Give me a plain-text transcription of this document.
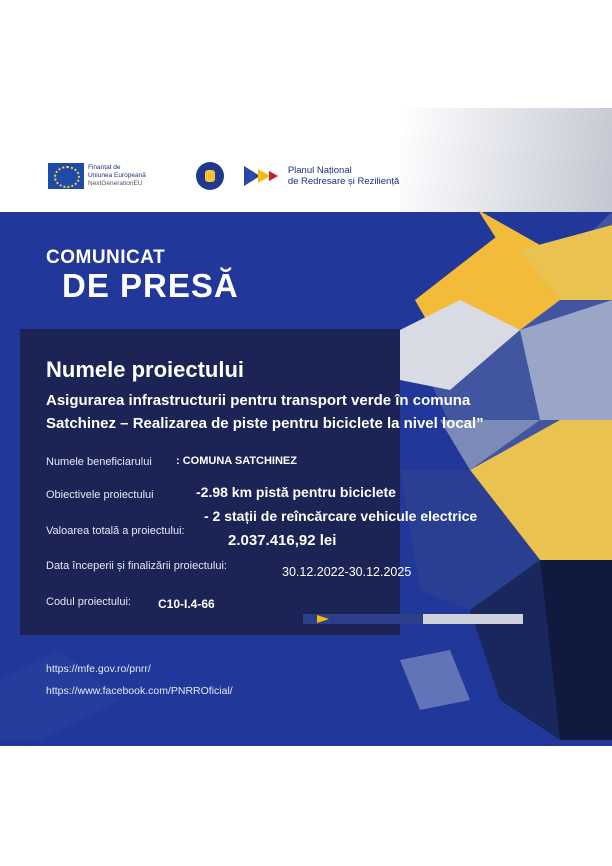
Finanțat de
Uniunea Europeană
NextGenerationEU
Planul Național
de Redresare și Reziliență
COMUNICAT
DE PRESĂ
Numele proiectului
Asigurarea infrastructurii pentru transport verde în comuna
Satchinez – Realizarea de piste pentru biciclete la nivel local”
Numele beneficiarului : COMUNA SATCHINEZ
Obiectivele proiectului	-2.98 km pistă pentru biciclete
- 2 stații de reîncărcare vehicule electrice
Valoarea totală a proiectului:
2.037.416,92 lei
Data începerii și finalizării proiectului:	30.12.2022-30.12.2025
Codul proiectului: C10-I.4-66
https://mfe.gov.ro/pnrr/
https://www.facebook.com/PNRROficial/
